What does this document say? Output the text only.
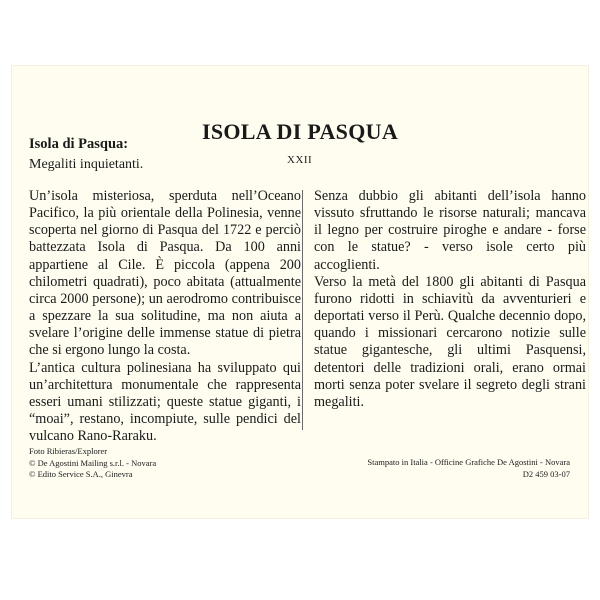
ISOLA DI PASQUA
XXII
Isola di Pasqua:
Megaliti inquietanti.

Un’isola misteriosa, sperduta nell’Oceano Pacifico, la più orientale della Polinesia, venne scoperta nel giorno di Pasqua del 1722 e perciò battezzata Isola di Pasqua. Da 100 anni appartiene al Cile. È piccola (appena 200 chilometri quadrati), poco abitata (attualmente circa 2000 persone); un aerodromo contribuisce a spezzare la sua solitudine, ma non aiuta a svelare l’origine delle immense statue di pietra che si ergono lungo la costa.

L’antica cultura polinesiana ha sviluppato qui un’architettura monumentale che rappresenta esseri umani stilizzati; queste statue giganti, i “moai”, restano, incompiute, sulle pendici del vulcano Rano-Raraku.

Senza dubbio gli abitanti dell’isola hanno vissuto sfruttando le risorse naturali; mancava il legno per costruire piroghe e andare - forse con le statue? - verso isole certo più accoglienti.

Verso la metà del 1800 gli abitanti di Pasqua furono ridotti in schiavitù da avventurieri e deportati verso il Perù. Qualche decennio dopo, quando i missionari cercarono notizie sulle statue gigantesche, gli ultimi Pasquensi, detentori delle tradizioni orali, erano ormai morti senza poter svelare il segreto degli strani megaliti.

Foto Ribieras/Explorer
© De Agostini Mailing s.r.l. - Novara
© Edito Service S.A., Ginevra
Stampato in Italia - Officine Grafiche De Agostini - Novara
D2 459 03-07
